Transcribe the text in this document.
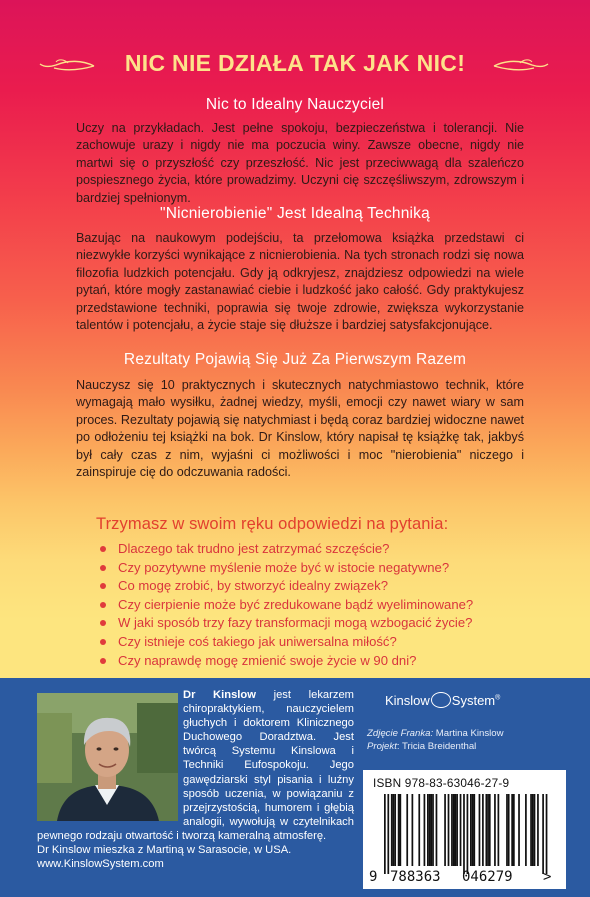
NIC NIE DZIAŁA TAK JAK NIC!
Nic to Idealny Nauczyciel
Uczy na przykładach. Jest pełne spokoju, bezpieczeństwa i tolerancji. Nie zachowuje urazy i nigdy nie ma poczucia winy. Zawsze obecne, nigdy nie martwi się o przyszłość czy przeszłość. Nic jest przeciwwagą dla szaleńczo pospiesznego życia, które prowadzimy. Uczyni cię szczęśliwszym, zdrowszym i bardziej spełnionym.
"Nicnierobienie" Jest Idealną Techniką
Bazując na naukowym podejściu, ta przełomowa książka przedstawi ci niezwykłe korzyści wynikające z nicnierobienia. Na tych stronach rodzi się nowa filozofia ludzkich potencjału. Gdy ją odkryjesz, znajdziesz odpowiedzi na wiele pytań, które mogły zastanawiać ciebie i ludzkość jako całość. Gdy praktykujesz przedstawione techniki, poprawia się twoje zdrowie, zwiększa wykorzystanie talentów i potencjału, a życie staje się dłuższe i bardziej satysfakcjonujące.
Rezultaty Pojawią Się Już Za Pierwszym Razem
Nauczysz się 10 praktycznych i skutecznych natychmiastowo technik, które wymagają mało wysiłku, żadnej wiedzy, myśli, emocji czy nawet wiary w sam proces. Rezultaty pojawią się natychmiast i będą coraz bardziej widoczne nawet po odłożeniu tej książki na bok. Dr Kinslow, który napisał tę książkę tak, jakbyś był cały czas z nim, wyjaśni ci możliwości i moc "nierobienia" niczego i zainspiruje cię do odczuwania radości.
Trzymasz w swoim ręku odpowiedzi na pytania:
Dlaczego tak trudno jest zatrzymać szczęście?
Czy pozytywne myślenie może być w istocie negatywne?
Co mogę zrobić, by stworzyć idealny związek?
Czy cierpienie może być zredukowane bądź wyeliminowane?
W jaki sposób trzy fazy transformacji mogą wzbogacić życie?
Czy istnieje coś takiego jak uniwersalna miłość?
Czy naprawdę mogę zmienić swoje życie w 90 dni?

Dr Kinslow jest lekarzem chiropraktykiem, nauczycielem głuchych i doktorem Klinicznego Duchowego Doradztwa. Jest twórcą Systemu Kinslowa i Techniki Eufospokoju. Jego gawędziarski styl pisania i luźny sposób uczenia, w powiązaniu z przejrzystością, humorem i głębią analogii, wywołują w czytelnikach pewnego rodzaju otwartość i tworzą kameralną atmosferę.

Dr Kinslow mieszka z Martiną w Sarasocie, w USA.
www.KinslowSystem.com
Kinslow System®
Zdjęcie Franka: Martina Kinslow
Projekt: Tricia Breidenthal
ISBN 978-83-63046-27-9
9 788363 046279 >
